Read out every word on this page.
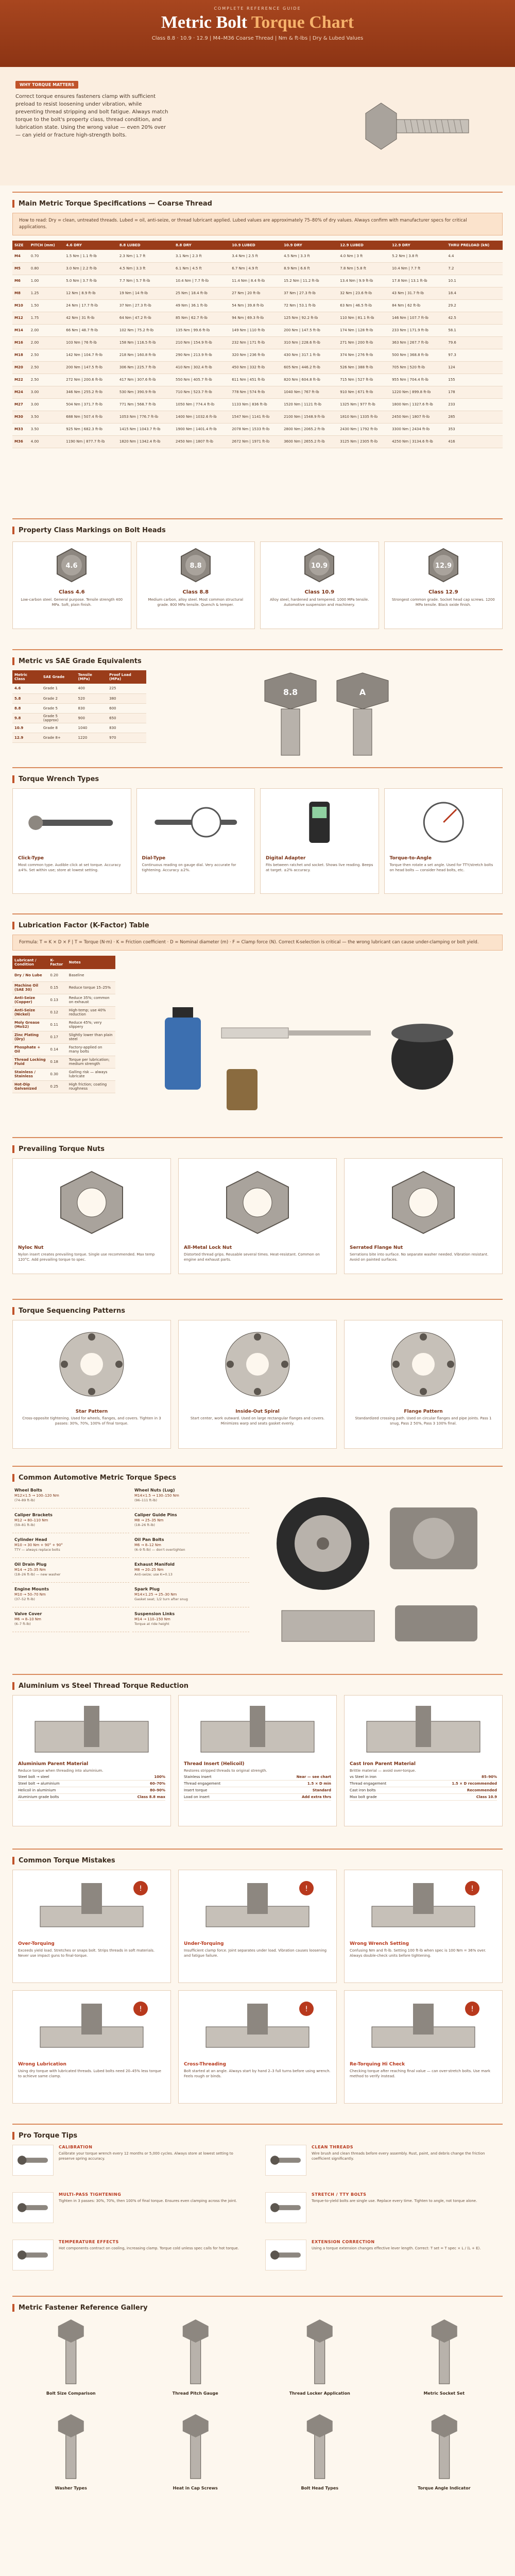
COMPLETE REFERENCE GUIDE
Metric Bolt Torque Chart
Class 8.8 · 10.9 · 12.9 | M4–M36 Coarse Thread | Nm & ft-lbs | Dry & Lubed Values
WHY TORQUE MATTERS

Correct torque ensures fasteners clamp with sufficient preload to resist loosening under vibration, while preventing thread stripping and bolt fatigue. Always match torque to the bolt's property class, thread condition, and lubrication state. Using the wrong value — even 20% over — can yield or fracture high-strength bolts.

Main Metric Torque Specifications — Coarse Thread
How to read: Dry = clean, untreated threads. Lubed = oil, anti-seize, or thread lubricant applied. Lubed values are approximately 75–80% of dry values. Always confirm with manufacturer specs for critical applications.
SIZE	PITCH (mm)	4.6 DRY	8.8 LUBED	8.8 DRY	10.9 LUBED	10.9 DRY	12.9 LUBED	12.9 DRY	THRU PRELOAD (kN)
M4	0.70	1.5 Nm | 1.1 ft-lb	2.3 Nm | 1.7 ft	3.1 Nm | 2.3 ft	3.4 Nm | 2.5 ft	4.5 Nm | 3.3 ft	4.0 Nm | 3 ft	5.2 Nm | 3.8 ft	4.4
M5	0.80	3.0 Nm | 2.2 ft-lb	4.5 Nm | 3.3 ft	6.1 Nm | 4.5 ft	6.7 Nm | 4.9 ft	8.9 Nm | 6.6 ft	7.8 Nm | 5.8 ft	10.4 Nm | 7.7 ft	7.2
M6	1.00	5.0 Nm | 3.7 ft-lb	7.7 Nm | 5.7 ft-lb	10.4 Nm | 7.7 ft-lb	11.4 Nm | 8.4 ft-lb	15.2 Nm | 11.2 ft-lb	13.4 Nm | 9.9 ft-lb	17.8 Nm | 13.1 ft-lb	10.1
M8	1.25	12 Nm | 8.9 ft-lb	19 Nm | 14 ft-lb	25 Nm | 18.4 ft-lb	27 Nm | 20 ft-lb	37 Nm | 27.3 ft-lb	32 Nm | 23.6 ft-lb	43 Nm | 31.7 ft-lb	18.4
M10	1.50	24 Nm | 17.7 ft-lb	37 Nm | 27.3 ft-lb	49 Nm | 36.1 ft-lb	54 Nm | 39.8 ft-lb	72 Nm | 53.1 ft-lb	63 Nm | 46.5 ft-lb	84 Nm | 62 ft-lb	29.2
M12	1.75	42 Nm | 31 ft-lb	64 Nm | 47.2 ft-lb	85 Nm | 62.7 ft-lb	94 Nm | 69.3 ft-lb	125 Nm | 92.2 ft-lb	110 Nm | 81.1 ft-lb	146 Nm | 107.7 ft-lb	42.5
M14	2.00	66 Nm | 48.7 ft-lb	102 Nm | 75.2 ft-lb	135 Nm | 99.6 ft-lb	149 Nm | 110 ft-lb	200 Nm | 147.5 ft-lb	174 Nm | 128 ft-lb	233 Nm | 171.9 ft-lb	58.1
M16	2.00	103 Nm | 76 ft-lb	158 Nm | 116.5 ft-lb	210 Nm | 154.9 ft-lb	232 Nm | 171 ft-lb	310 Nm | 228.6 ft-lb	271 Nm | 200 ft-lb	363 Nm | 267.7 ft-lb	79.6
M18	2.50	142 Nm | 104.7 ft-lb	218 Nm | 160.8 ft-lb	290 Nm | 213.9 ft-lb	320 Nm | 236 ft-lb	430 Nm | 317.1 ft-lb	374 Nm | 276 ft-lb	500 Nm | 368.8 ft-lb	97.3
M20	2.50	200 Nm | 147.5 ft-lb	306 Nm | 225.7 ft-lb	410 Nm | 302.4 ft-lb	450 Nm | 332 ft-lb	605 Nm | 446.2 ft-lb	526 Nm | 388 ft-lb	705 Nm | 520 ft-lb	124
M22	2.50	272 Nm | 200.6 ft-lb	417 Nm | 307.6 ft-lb	550 Nm | 405.7 ft-lb	611 Nm | 451 ft-lb	820 Nm | 604.8 ft-lb	715 Nm | 527 ft-lb	955 Nm | 704.4 ft-lb	155
M24	3.00	346 Nm | 255.2 ft-lb	530 Nm | 390.9 ft-lb	710 Nm | 523.7 ft-lb	778 Nm | 574 ft-lb	1040 Nm | 767 ft-lb	910 Nm | 671 ft-lb	1220 Nm | 899.8 ft-lb	178
M27	3.00	504 Nm | 371.7 ft-lb	771 Nm | 568.7 ft-lb	1050 Nm | 774.4 ft-lb	1133 Nm | 836 ft-lb	1520 Nm | 1121 ft-lb	1325 Nm | 977 ft-lb	1800 Nm | 1327.6 ft-lb	233
M30	3.50	688 Nm | 507.4 ft-lb	1053 Nm | 776.7 ft-lb	1400 Nm | 1032.6 ft-lb	1547 Nm | 1141 ft-lb	2100 Nm | 1548.9 ft-lb	1810 Nm | 1335 ft-lb	2450 Nm | 1807 ft-lb	285
M33	3.50	925 Nm | 682.3 ft-lb	1415 Nm | 1043.7 ft-lb	1900 Nm | 1401.4 ft-lb	2078 Nm | 1533 ft-lb	2800 Nm | 2065.2 ft-lb	2430 Nm | 1792 ft-lb	3300 Nm | 2434 ft-lb	353
M36	4.00	1190 Nm | 877.7 ft-lb	1820 Nm | 1342.4 ft-lb	2450 Nm | 1807 ft-lb	2672 Nm | 1971 ft-lb	3600 Nm | 2655.2 ft-lb	3125 Nm | 2305 ft-lb	4250 Nm | 3134.6 ft-lb	416
Property Class Markings on Bolt Heads
4.6
Class 4.6
Low-carbon steel. General purpose. Tensile strength 400 MPa. Soft, plain finish.
8.8
Class 8.8
Medium carbon, alloy steel. Most common structural grade. 800 MPa tensile. Quench & temper.
10.9
Class 10.9
Alloy steel, hardened and tempered. 1000 MPa tensile. Automotive suspension and machinery.
12.9
Class 12.9
Strongest common grade. Socket head cap screws. 1200 MPa tensile. Black oxide finish.
Metric vs SAE Grade Equivalents
Metric Class	SAE Grade	Tensile (MPa)	Proof Load (MPa)
4.6	Grade 1	400	225
5.8	Grade 2	520	380
8.8	Grade 5	830	600
9.8	Grade 5 (approx)	900	650
10.9	Grade 8	1040	830
12.9	Grade 8+	1220	970
8.8	A
Torque Wrench Types
Click-Type
Most common type. Audible click at set torque. Accuracy ±4%. Set within use; store at lowest setting.
Dial-Type
Continuous reading on gauge dial. Very accurate for tightening. Accuracy ±2%.
Digital Adapter
Fits between ratchet and socket. Shows live reading. Beeps at target. ±2% accuracy.
Torque-to-Angle
Torque then rotate a set angle. Used for TTY/stretch bolts on head bolts — consider head bolts, etc.
Lubrication Factor (K-Factor) Table
Formula: T = K × D × F | T = Torque (N·m) · K = Friction coefficient · D = Nominal diameter (m) · F = Clamp force (N). Correct K-selection is critical — the wrong lubricant can cause under-clamping or bolt yield.
Lubricant / Condition	K-Factor	Notes
Dry / No Lube	0.20	Baseline
Machine Oil (SAE 30)	0.15	Reduce torque 15–25%
Anti-Seize (Copper)	0.13	Reduce 35%; common on exhaust
Anti-Seize (Nickel)	0.12	High-temp; use 40% reduction
Moly Grease (MoS2)	0.11	Reduce 45%; very slippery
Zinc Plating (Dry)	0.17	Slightly lower than plain steel
Phosphate + Oil	0.14	Factory-applied on many bolts
Thread Locking Fluid	0.18	Torque per lubrication; medium strength
Stainless / Stainless	0.30	Galling risk — always lubricate
Hot-Dip Galvanized	0.25	High friction; coating roughness
Prevailing Torque Nuts
Nyloc Nut
Nylon insert creates prevailing torque. Single use recommended. Max temp 120°C. Add prevailing torque to spec.
All-Metal Lock Nut
Distorted thread grips. Reusable several times. Heat-resistant. Common on engine and exhaust parts.
Serrated Flange Nut
Serrations bite into surface. No separate washer needed. Vibration resistant. Avoid on painted surfaces.
Torque Sequencing Patterns
Star Pattern
Cross-opposite tightening. Used for wheels, flanges, and covers. Tighten in 3 passes: 30%, 70%, 100% of final torque.
Inside-Out Spiral
Start center, work outward. Used on large rectangular flanges and covers. Minimizes warp and seats gasket evenly.
Flange Pattern
Standardized crossing path. Used on circular flanges and pipe joints. Pass 1 snug, Pass 2 50%, Pass 3 100% final.
Common Automotive Metric Torque Specs
Wheel Bolts
M12×1.5 → 100–120 Nm
(74–89 ft-lb)
Wheel Nuts (Lug)
M14×1.5 → 130–150 Nm
(96–111 ft-lb)
Caliper Brackets
M12 → 80–110 Nm
(59–81 ft-lb)
Caliper Guide Pins
M8 → 25–35 Nm
(18–26 ft-lb)
Cylinder Head
M10 → 30 Nm + 90° + 90°
TTY — always replace bolts
Oil Pan Bolts
M6 → 8–12 Nm
(6–9 ft-lb) — don't overtighten
Oil Drain Plug
M14 → 25–35 Nm
(18–26 ft-lb) — new washer
Exhaust Manifold
M8 → 20–25 Nm
Anti-seize; use K=0.13
Engine Mounts
M10 → 50–70 Nm
(37–52 ft-lb)
Spark Plug
M14×1.25 → 25–30 Nm
Gasket seat; 1/2 turn after snug
Valve Cover
M6 → 8–10 Nm
(6–7 ft-lb)
Suspension Links
M14 → 110–150 Nm
Torque at ride height
Aluminium vs Steel Thread Torque Reduction
Aluminium Parent Material
Reduce torque when threading into aluminium.
Steel bolt → steel	100%
Steel bolt → aluminium	60–70%
Helicoil in aluminium	80–90%
Aluminium grade bolts	Class 8.8 max
Thread Insert (Helicoil)
Restores stripped threads to original strength.
Stainless insert	Near — see chart
Thread engagement	1.5 × D min
Insert torque	Standard
Load on insert	Add extra thrs
Cast Iron Parent Material
Brittle material — avoid over-torque.
vs Steel in iron	85–90%
Thread engagement	1.5 × D recommended
Cast iron bolts	Recommended
Max bolt grade	Class 10.9
Common Torque Mistakes
!
Over-Torquing
Exceeds yield load. Stretches or snaps bolt. Strips threads in soft materials. Never use impact guns to final-torque.
!
Under-Torquing
Insufficient clamp force. Joint separates under load. Vibration causes loosening and fatigue failure.
!
Wrong Wrench Setting
Confusing Nm and ft-lb. Setting 100 ft-lb when spec is 100 Nm = 36% over. Always double-check units before tightening.
!
Wrong Lubrication
Using dry torque with lubricated threads. Lubed bolts need 20–45% less torque to achieve same clamp.
!
Cross-Threading
Bolt started at an angle. Always start by hand 2–3 full turns before using wrench. Feels rough or binds.
!
Re-Torquing Hi Check
Checking torque after reaching final value — can over-stretch bolts. Use mark method to verify instead.
Pro Torque Tips
CALIBRATION
Calibrate your torque wrench every 12 months or 5,000 cycles. Always store at lowest setting to preserve spring accuracy.
CLEAN THREADS
Wire brush and clean threads before every assembly. Rust, paint, and debris change the friction coefficient significantly.
MULTI-PASS TIGHTENING
Tighten in 3 passes: 30%, 70%, then 100% of final torque. Ensures even clamping across the joint.
STRETCH / TTY BOLTS
Torque-to-yield bolts are single use. Replace every time. Tighten to angle, not torque alone.
TEMPERATURE EFFECTS
Hot components contract on cooling, increasing clamp. Torque cold unless spec calls for hot torque.
EXTENSION CORRECTION
Using a torque extension changes effective lever length. Correct: T set = T spec × L / (L + E).
Metric Fastener Reference Gallery
Bolt Size Comparison	Thread Pitch Gauge	Thread Locker Application	Metric Socket Set
Washer Types	Heat in Cap Screws	Bolt Head Types	Torque Angle Indicator
